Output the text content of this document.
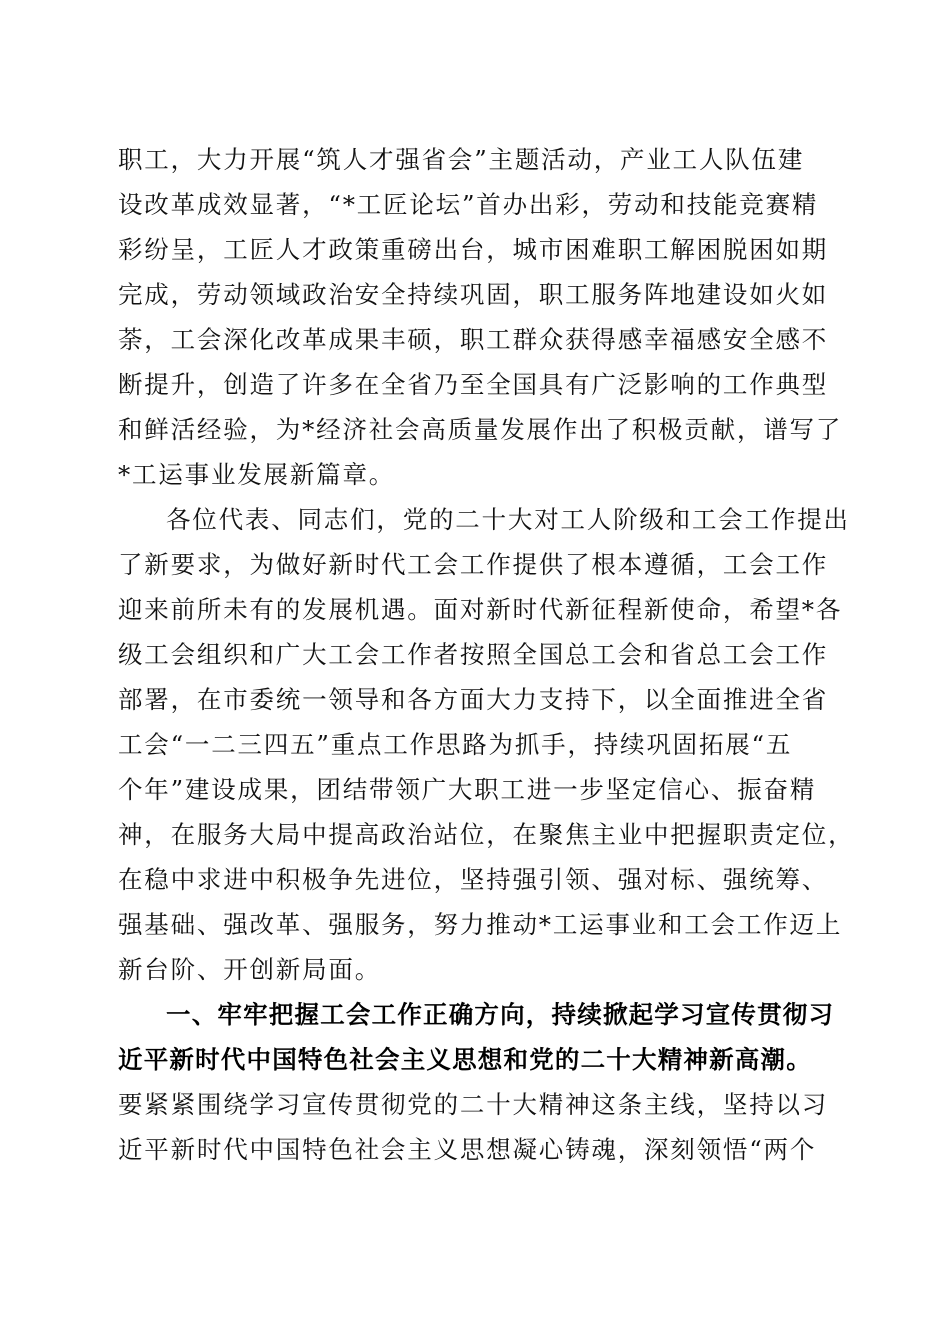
职工，大力开展“筑人才强省会”主题活动，产业工人队伍建
设改革成效显著，“*工匠论坛”首办出彩，劳动和技能竞赛精
彩纷呈，工匠人才政策重磅出台，城市困难职工解困脱困如期
完成，劳动领域政治安全持续巩固，职工服务阵地建设如火如
荼，工会深化改革成果丰硕，职工群众获得感幸福感安全感不
断提升，创造了许多在全省乃至全国具有广泛影响的工作典型
和鲜活经验，为*经济社会高质量发展作出了积极贡献，谱写了
*工运事业发展新篇章。
各位代表、同志们，党的二十大对工人阶级和工会工作提出
了新要求，为做好新时代工会工作提供了根本遵循，工会工作
迎来前所未有的发展机遇。面对新时代新征程新使命，希望*各
级工会组织和广大工会工作者按照全国总工会和省总工会工作
部署，在市委统一领导和各方面大力支持下，以全面推进全省
工会“一二三四五”重点工作思路为抓手，持续巩固拓展“五
个年”建设成果，团结带领广大职工进一步坚定信心、振奋精
神，在服务大局中提高政治站位，在聚焦主业中把握职责定位，
在稳中求进中积极争先进位，坚持强引领、强对标、强统筹、
强基础、强改革、强服务，努力推动*工运事业和工会工作迈上
新台阶、开创新局面。
一、牢牢把握工会工作正确方向，持续掀起学习宣传贯彻习
近平新时代中国特色社会主义思想和党的二十大精神新高潮。
要紧紧围绕学习宣传贯彻党的二十大精神这条主线，坚持以习
近平新时代中国特色社会主义思想凝心铸魂，深刻领悟“两个
